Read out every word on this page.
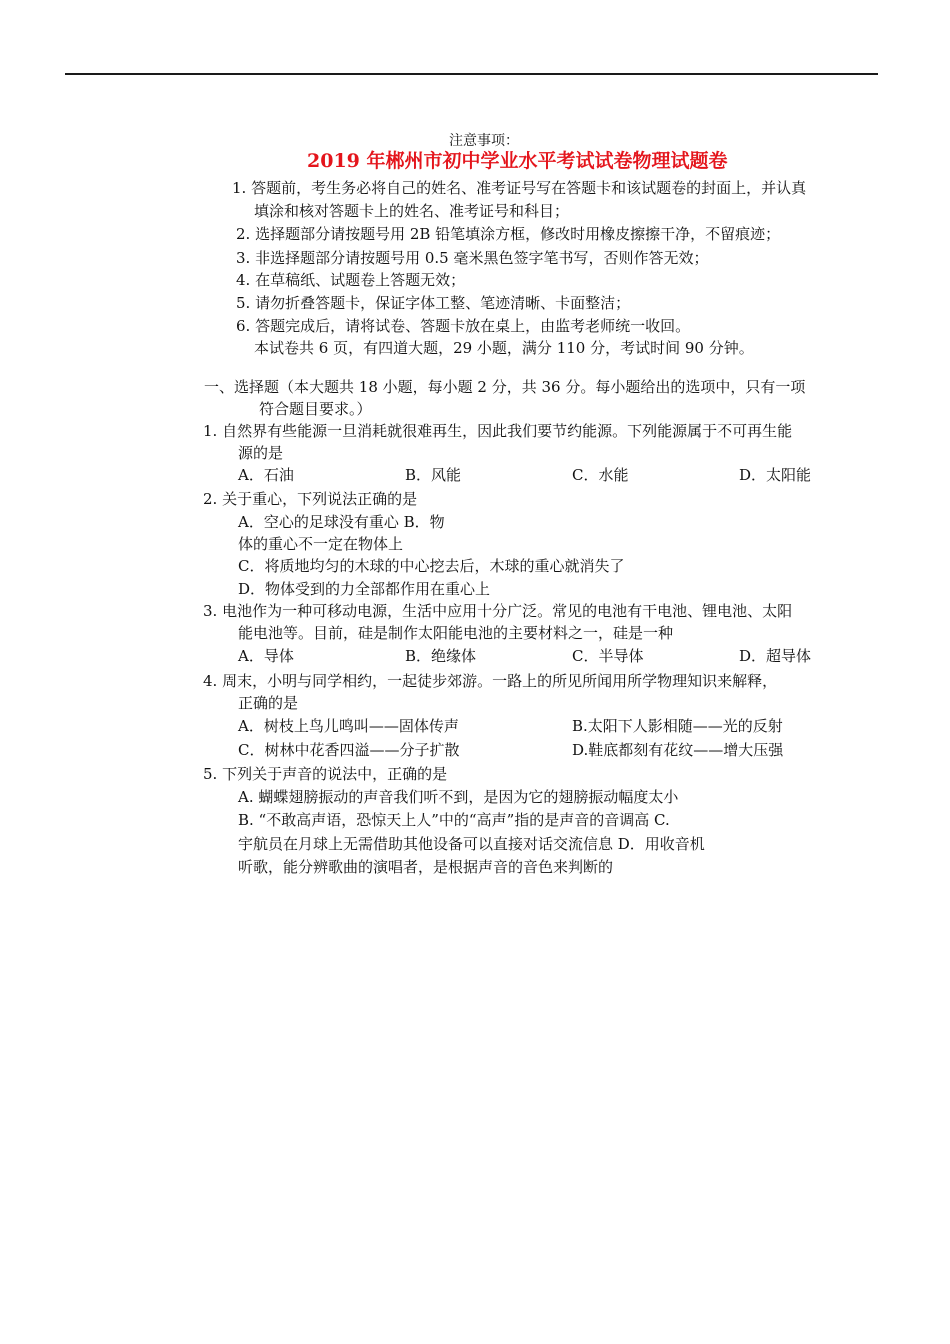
注意事项：
2019 年郴州市初中学业水平考试试卷物理试题卷
1. 答题前，考生务必将自己的姓名、准考证号写在答题卡和该试题卷的封面上，并认真
填涂和核对答题卡上的姓名、准考证号和科目；
2. 选择题部分请按题号用 2B 铅笔填涂方框，修改时用橡皮擦擦干净，不留痕迹；
3. 非选择题部分请按题号用 0.5 毫米黑色签字笔书写，否则作答无效；
4. 在草稿纸、试题卷上答题无效；
5. 请勿折叠答题卡，保证字体工整、笔迹清晰、卡面整洁；
6. 答题完成后，请将试卷、答题卡放在桌上，由监考老师统一收回。
本试卷共 6 页，有四道大题，29 小题，满分 110 分，考试时间 90 分钟。
一、选择题（本大题共 18 小题，每小题 2 分，共 36 分。每小题给出的选项中，只有一项
符合题目要求。）
1. 自然界有些能源一旦消耗就很难再生，因此我们要节约能源。下列能源属于不可再生能
源的是
A．石油	B．风能	C．水能	D．太阳能
2. 关于重心，下列说法正确的是
A．空心的足球没有重心 B．物
体的重心不一定在物体上
C．将质地均匀的木球的中心挖去后，木球的重心就消失了
D．物体受到的力全部都作用在重心上
3. 电池作为一种可移动电源，生活中应用十分广泛。常见的电池有干电池、锂电池、太阳
能电池等。目前，硅是制作太阳能电池的主要材料之一，硅是一种
A．导体	B．绝缘体	C．半导体	D．超导体
4. 周末，小明与同学相约，一起徒步郊游。一路上的所见所闻用所学物理知识来解释，
正确的是
A．树枝上鸟儿鸣叫——固体传声	B.太阳下人影相随——光的反射
C．树林中花香四溢——分子扩散	D.鞋底都刻有花纹——增大压强
5. 下列关于声音的说法中，正确的是
A. 蝴蝶翅膀振动的声音我们听不到，是因为它的翅膀振动幅度太小
B. “不敢高声语，恐惊天上人”中的“高声”指的是声音的音调高 C.
宇航员在月球上无需借助其他设备可以直接对话交流信息 D．用收音机
听歌，能分辨歌曲的演唱者，是根据声音的音色来判断的
